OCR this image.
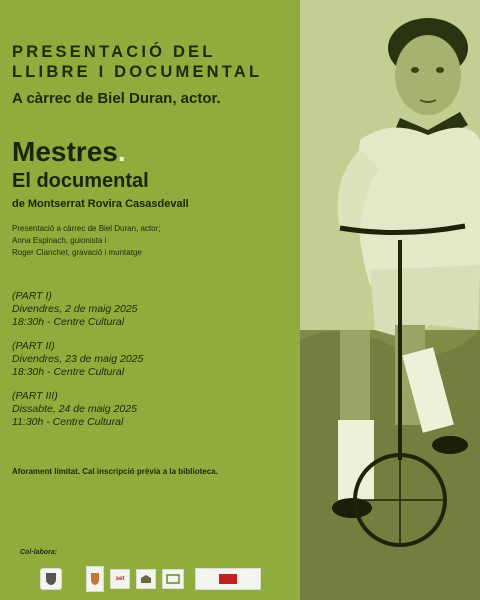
PRESENTACIÓ DEL
LLIBRE I DOCUMENTAL
A càrrec de Biel Duran, actor.
Mestres.
El documental
de Montserrat Rovira Casasdevall
Presentació a càrrec de Biel Duran, actor;
Anna Espinach, guionista i
Roger Clanchet, gravació i muntatge
(PART I)
Divendres, 2 de maig 2025
18:30h - Centre Cultural
(PART II)
Divendres, 23 de maig 2025
18:30h - Centre Cultural
(PART III)
Dissabte, 24 de maig 2025
11:30h - Centre Cultural
Aforament limitat. Cal inscripció prèvia a la biblioteca.
Col·labora:
set
